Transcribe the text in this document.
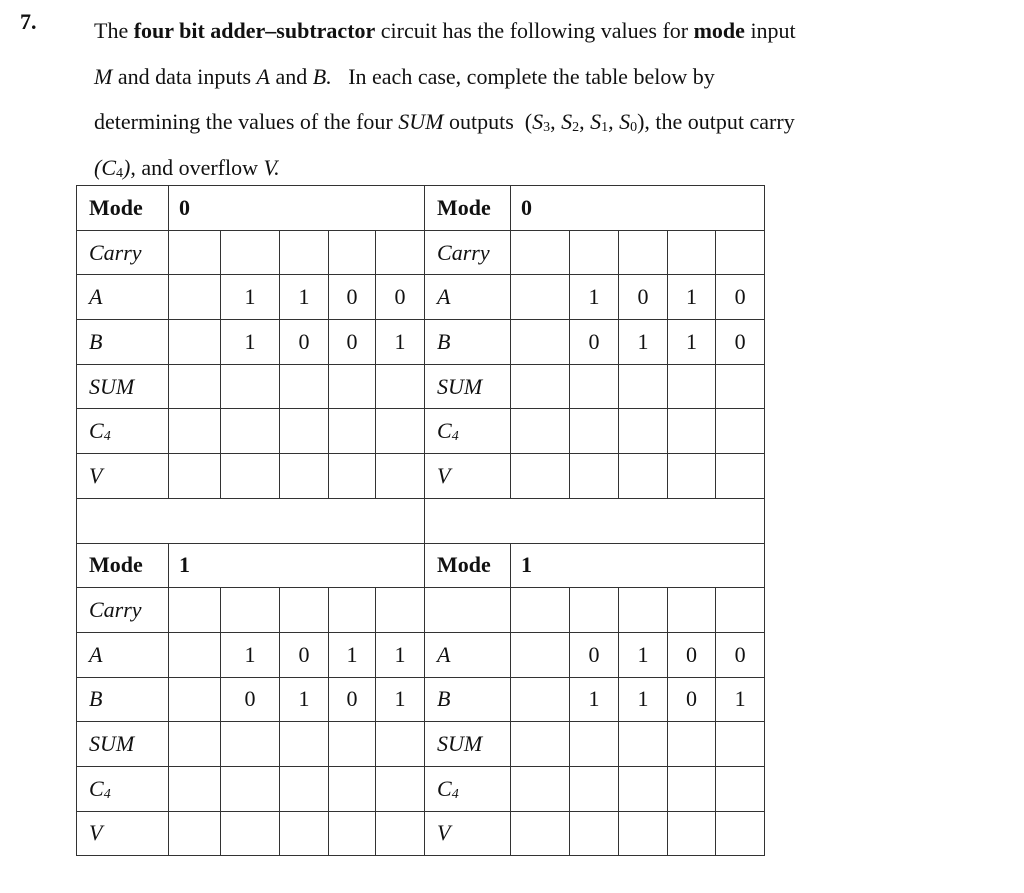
7.	The four bit adder–subtractor circuit has the following values for mode input
M and data inputs A and B.   In each case, complete the table below by
determining the values of the four SUM outputs  ($S_3$, $S_2$, $S_1$, $S_0$), the output carry
$(C_4)$, and overflow V.
Mode	0					Mode	0				
Carry						Carry					
A		1	1	0	0	A		1	0	1	0
B		1	0	0	1	B		0	1	1	0
SUM						SUM					
$C_4$						$C_4$					
V						V					

Mode	1					Mode	1				
Carry											
A		1	0	1	1	A		0	1	0	0
B		0	1	0	1	B		1	1	0	1
SUM						SUM					
$C_4$						$C_4$					
V						V					
